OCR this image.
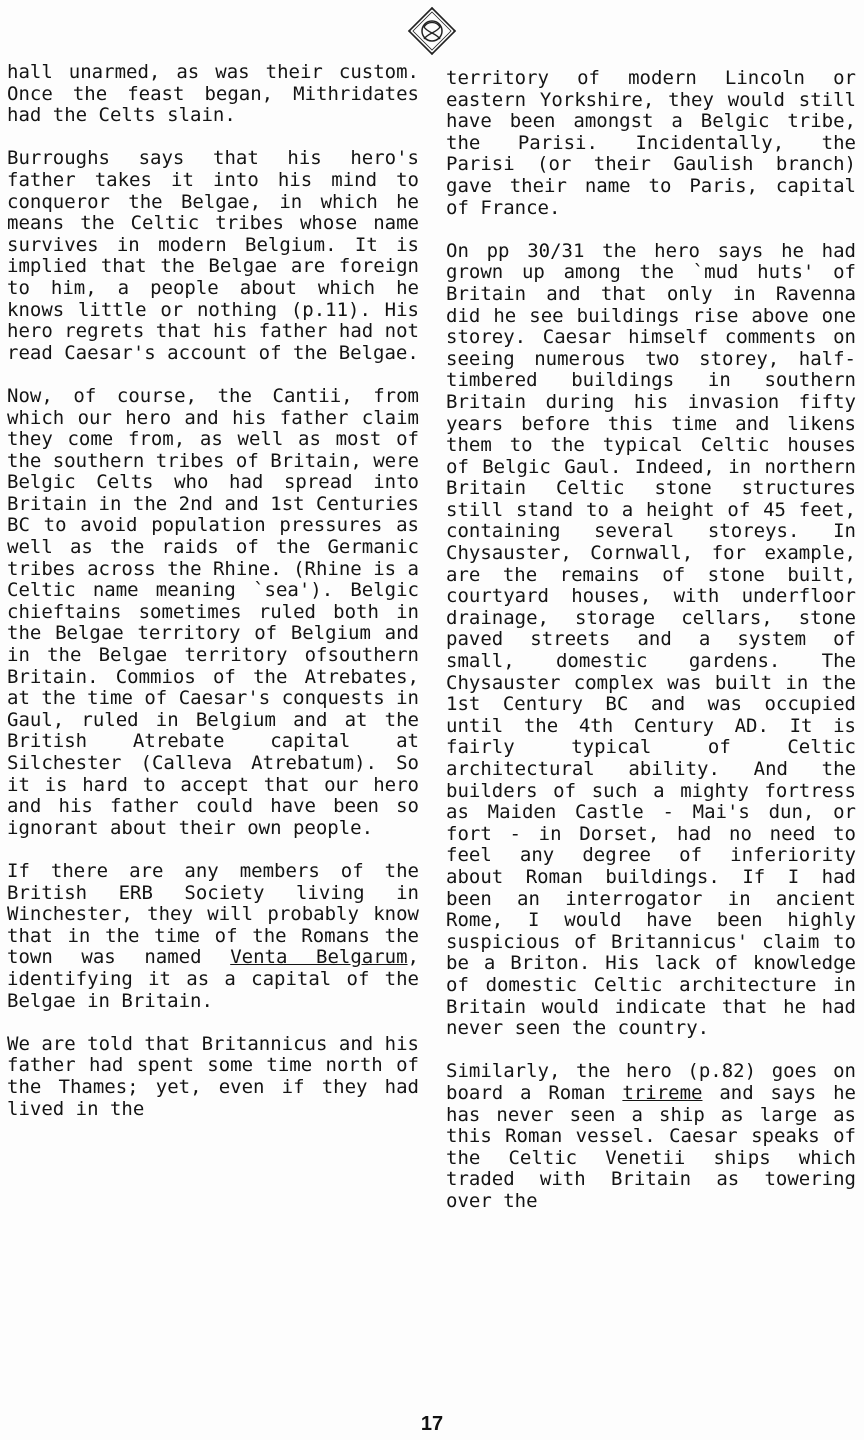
hall unarmed, as was their custom. Once the feast began, Mithridates had the Celts slain.

Burroughs says that his hero's father takes it into his mind to conqueror the Belgae, in which he means the Celtic tribes whose name survives in modern Belgium. It is implied that the Belgae are foreign to him, a people about which he knows little or nothing (p.11). His hero regrets that his father had not read Caesar's account of the Belgae.

Now, of course, the Cantii, from which our hero and his father claim they come from, as well as most of the southern tribes of Britain, were Belgic Celts who had spread into Britain in the 2nd and 1st Centuries BC to avoid population pressures as well as the raids of the Germanic tribes across the Rhine. (Rhine is a Celtic name meaning `sea'). Belgic chieftains sometimes ruled both in the Belgae territory of Belgium and in the Belgae territory ofsouthern Britain. Commios of the Atrebates, at the time of Caesar's conquests in Gaul, ruled in Belgium and at the British Atrebate capital at Silchester (Calleva Atrebatum). So it is hard to accept that our hero and his father could have been so ignorant about their own people.

If there are any members of the British ERB Society living in Winchester, they will probably know that in the time of the Romans the town was named Venta Belgarum, identifying it as a capital of the Belgae in Britain.

We are told that Britannicus and his father had spent some time north of the Thames; yet, even if they had lived in the

territory of modern Lincoln or eastern Yorkshire, they would still have been amongst a Belgic tribe, the Parisi. Incidentally, the Parisi (or their Gaulish branch) gave their name to Paris, capital of France.

On pp 30/31 the hero says he had grown up among the `mud huts' of Britain and that only in Ravenna did he see buildings rise above one storey. Caesar himself comments on seeing numerous two storey, half-timbered buildings in southern Britain during his invasion fifty years before this time and likens them to the typical Celtic houses of Belgic Gaul. Indeed, in northern Britain Celtic stone structures still stand to a height of 45 feet, containing several storeys. In Chysauster, Cornwall, for example, are the remains of stone built, courtyard houses, with underfloor drainage, storage cellars, stone paved streets and a system of small, domestic gardens. The Chysauster complex was built in the 1st Century BC and was occupied until the 4th Century AD. It is fairly typical of Celtic architectural ability. And the builders of such a mighty fortress as Maiden Castle - Mai's dun, or fort - in Dorset, had no need to feel any degree of inferiority about Roman buildings. If I had been an interrogator in ancient Rome, I would have been highly suspicious of Britannicus' claim to be a Briton. His lack of knowledge of domestic Celtic architecture in Britain would indicate that he had never seen the country.

Similarly, the hero (p.82) goes on board a Roman trireme and says he has never seen a ship as large as this Roman vessel. Caesar speaks of the Celtic Venetii ships which traded with Britain as towering over the

17
